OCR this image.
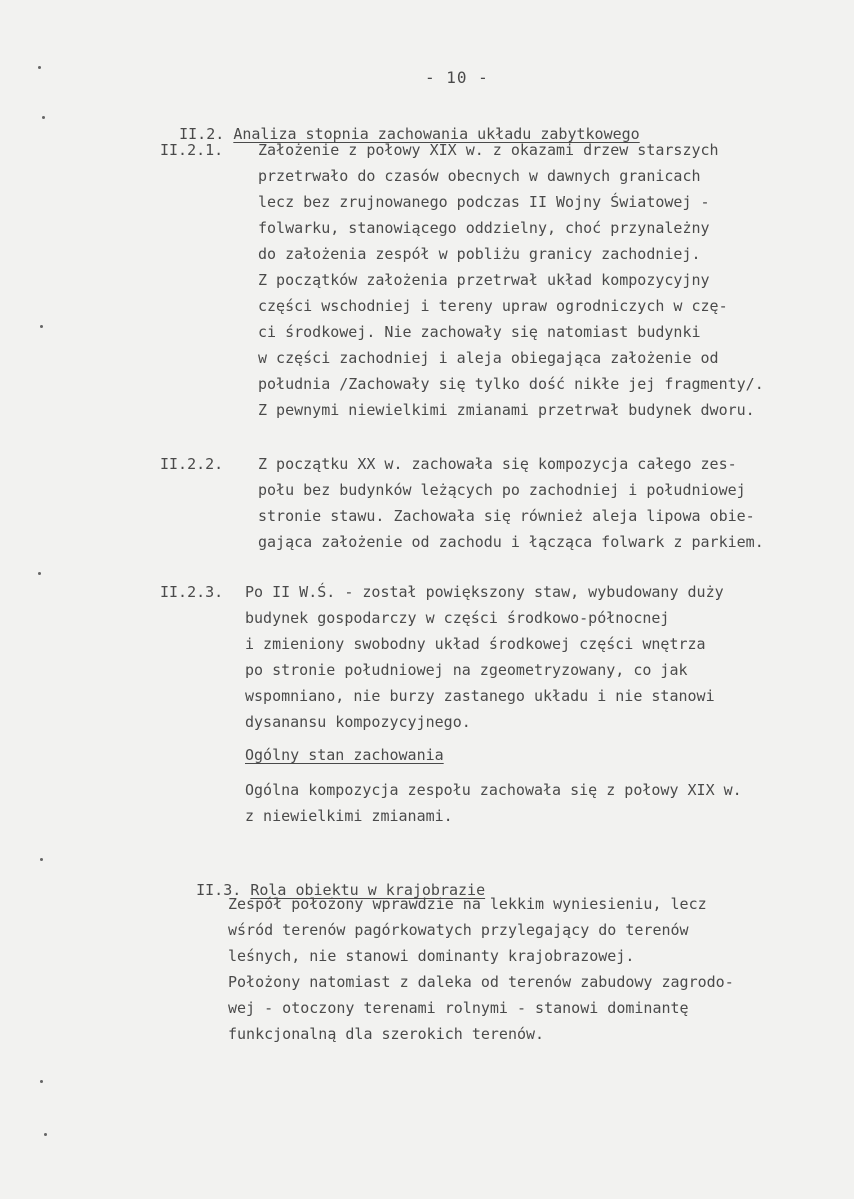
- 10 -

II.2. Analiza stopnia zachowania układu zabytkowego

II.2.1. Założenie z połowy XIX w. z okazami drzew starszych
przetrwało do czasów obecnych w dawnych granicach
lecz bez zrujnowanego podczas II Wojny Światowej -
folwarku, stanowiącego oddzielny, choć przynależny
do założenia zespół w pobliżu granicy zachodniej.
Z początków założenia przetrwał układ kompozycyjny
części wschodniej i tereny upraw ogrodniczych w czę-
ci środkowej. Nie zachowały się natomiast budynki
w części zachodniej i aleja obiegająca założenie od
południa /Zachowały się tylko dość nikłe jej fragmenty/.
Z pewnymi niewielkimi zmianami przetrwał budynek dworu.
II.2.2. Z początku XX w. zachowała się kompozycja całego zes-
połu bez budynków leżących po zachodniej i południowej
stronie stawu. Zachowała się również aleja lipowa obie-
gająca założenie od zachodu i łącząca folwark z parkiem.
II.2.3. Po II W.Ś. - został powiększony staw, wybudowany duży
budynek gospodarczy w części środkowo-północnej
i zmieniony swobodny układ środkowej części wnętrza
po stronie południowej na zgeometryzowany, co jak
wspomniano, nie burzy zastanego układu i nie stanowi
dysanansu kompozycyjnego.
Ogólny stan zachowania
Ogólna kompozycja zespołu zachowała się z połowy XIX w.
z niewielkimi zmianami.

II.3. Rola obiektu w krajobrazie

Zespół położony wprawdzie na lekkim wyniesieniu, lecz
wśród terenów pagórkowatych przylegający do terenów
leśnych, nie stanowi dominanty krajobrazowej.
Położony natomiast z daleka od terenów zabudowy zagrodo-
wej - otoczony terenami rolnymi - stanowi dominantę
funkcjonalną dla szerokich terenów.
